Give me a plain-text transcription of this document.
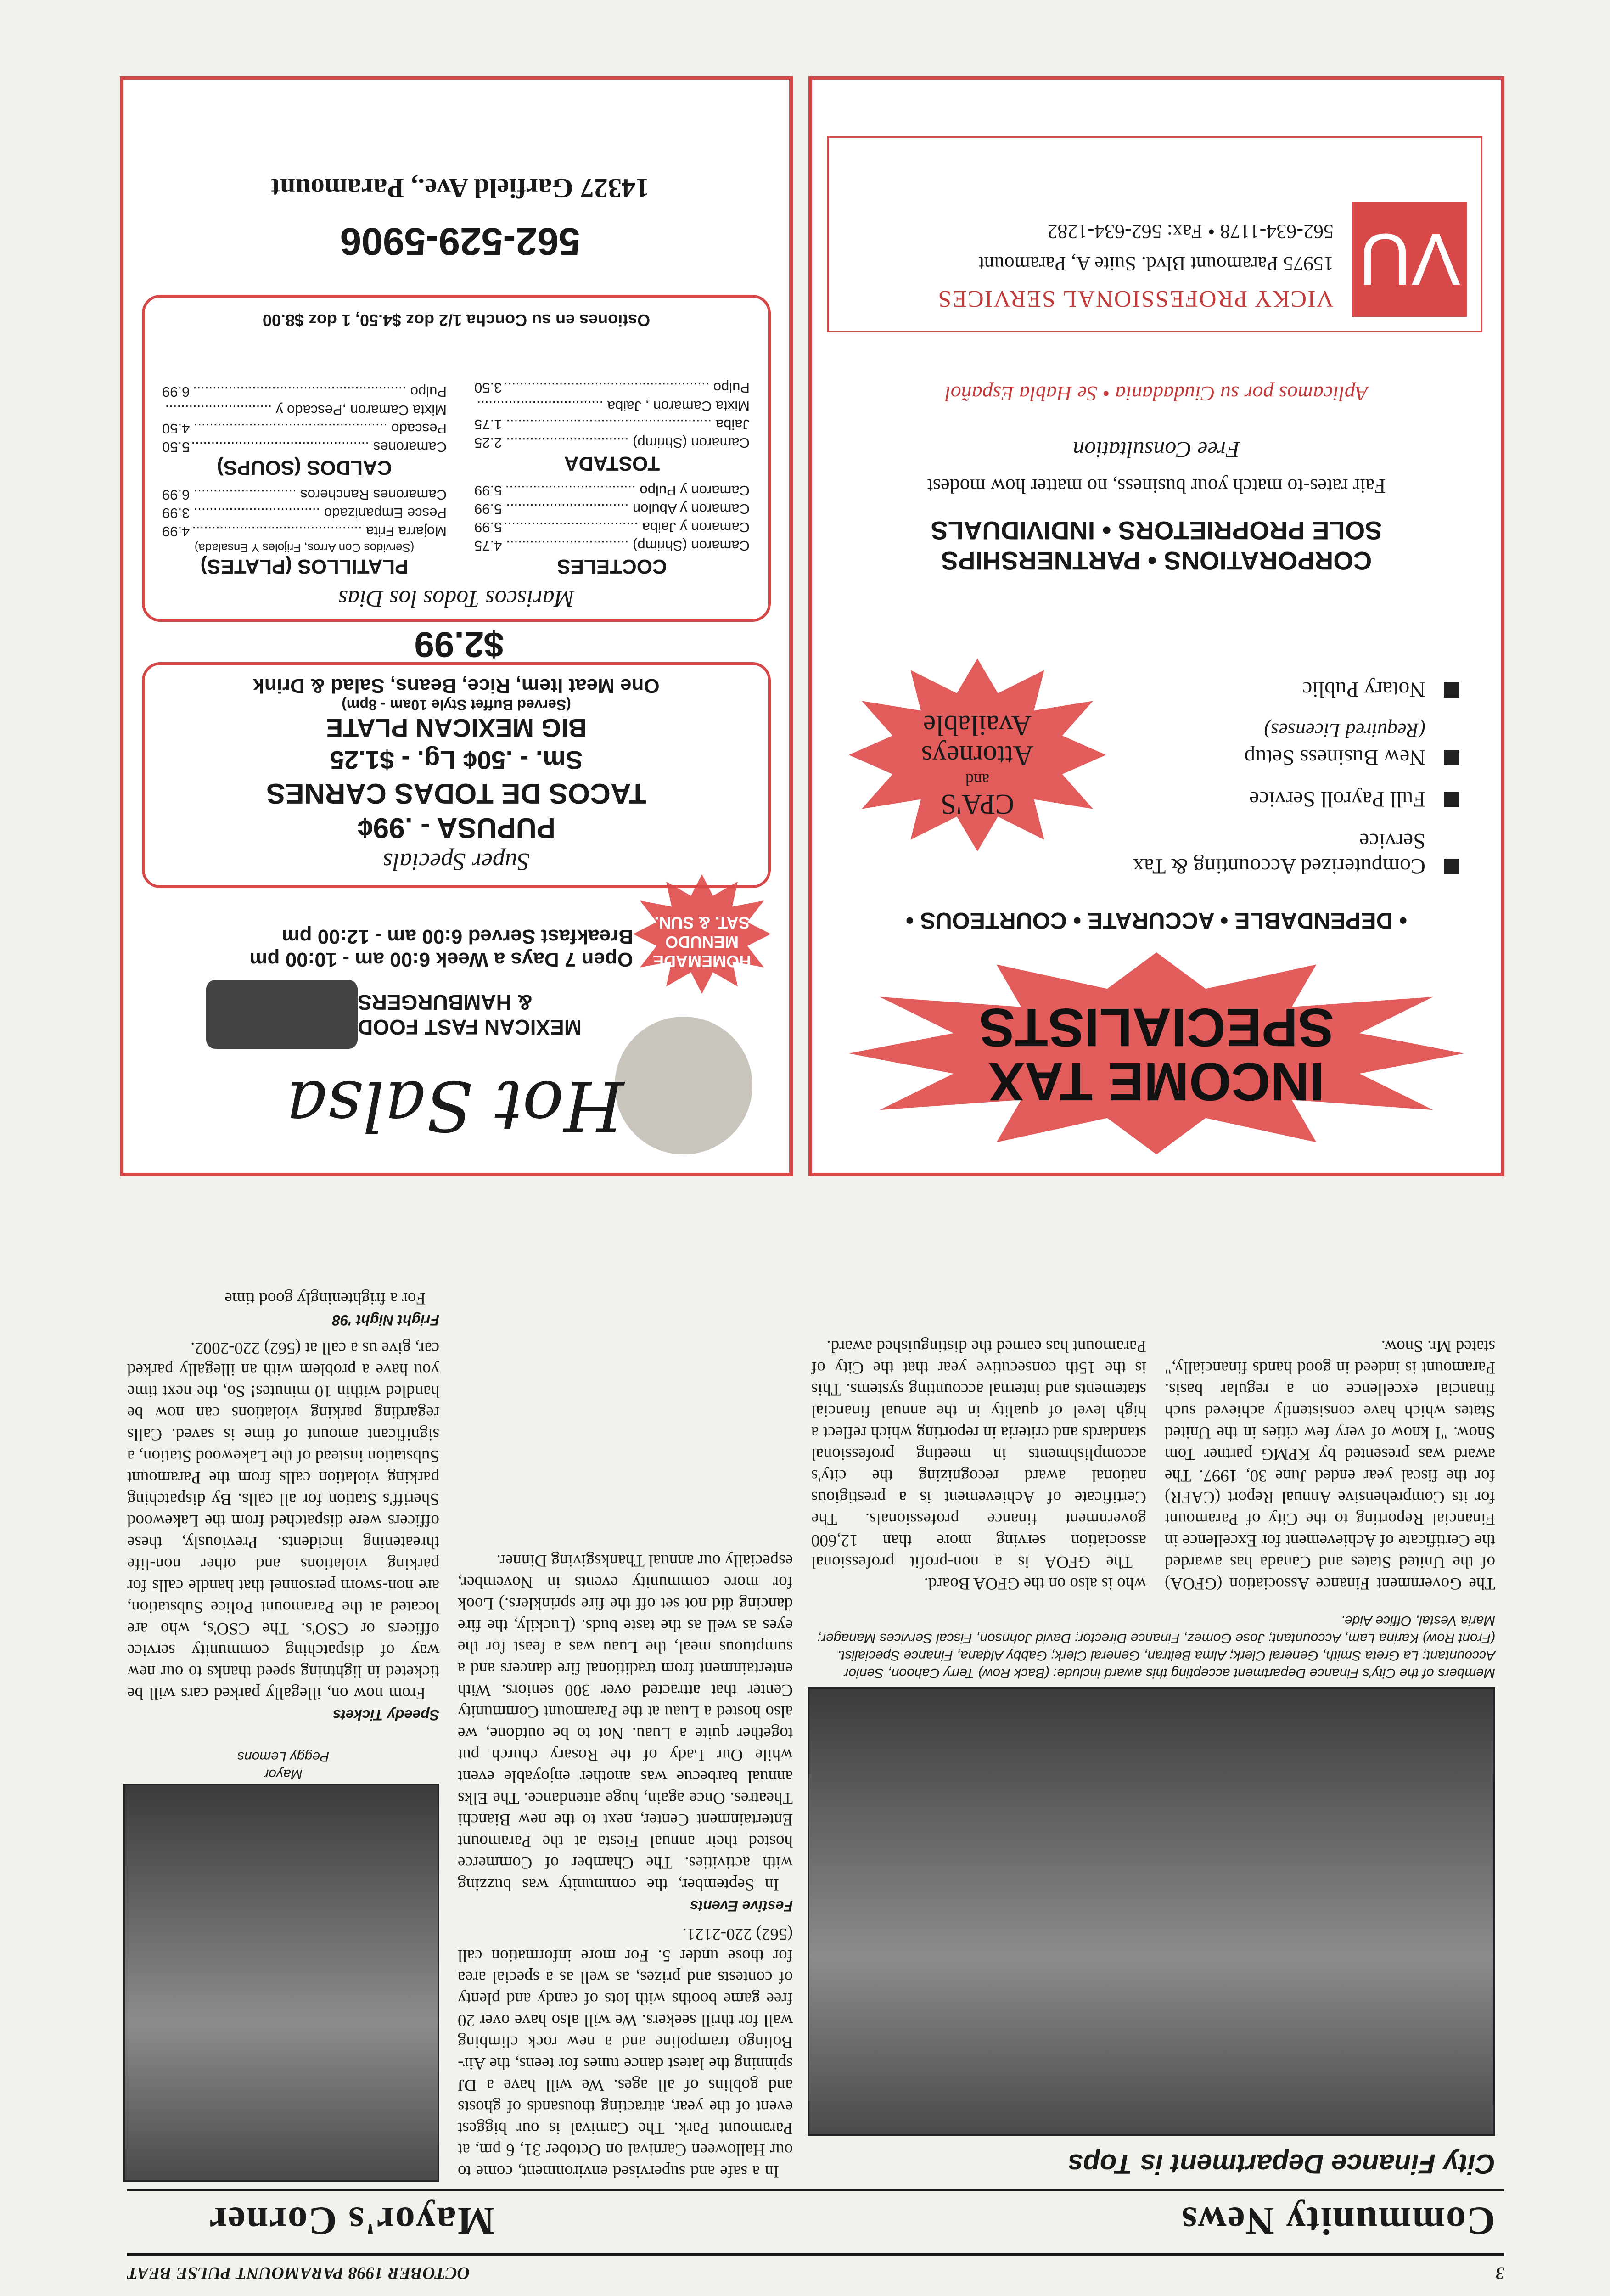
3
OCTOBER 1998 PARAMOUNT PULSE BEAT
Community News
Mayor's Corner
City Finance Department is Tops
Members of the City's Finance Department accepting this award include: (Back Row) Terry Cahoon, Senior Accountant; La Greta Smith, General Clerk; Alma Beltran, General Clerk; Gabby Aldana, Finance Specialist. (Front Row) Karina Lam, Accountant; Jose Gomez, Finance Director; David Johnson, Fiscal Services Manager; Maria Vestal, Office Aide.
The Government Finance Association (GFOA) of the United States and Canada has awarded the Certificate of Achievement for Excellence in Financial Reporting to the City of Paramount for its Comprehensive Annual Report (CAFR) for the fiscal year ended June 30, 1997. The award was presented by KPMG partner Tom Snow. "I know of very few cities in the United States which have consistently achieved such financial excellence on a regular basis. Paramount is indeed in good hands financially," stated Mr. Snow.
who is also on the GFOA Board.
The GFOA is a non-profit professional association serving more than 12,600 government finance professionals. The Certificate of Achievement is a prestigious national award recognizing the city's accomplishments in meeting professional standards and criteria in reporting which reflect a high level of quality in the annual financial statements and internal accounting systems. This is the 15th consecutive year that the City of Paramount has earned the distinguished award.
Mayor
Peggy Lemons
In a safe and supervised environment, come to our Halloween Carnival on October 31, 6 pm, at Paramount Park. The Carnival is our biggest event of the year, attracting thousands of ghosts and goblins of all ages. We will have a DJ spinning the latest dance tunes for teens, the Air-Bolingo trampoline and a new rock climbing wall for thrill seekers. We will also have over 20 free game booths with lots of candy and plenty of contests and prizes, as well as a special area for those under 5. For more information call (562) 220-2121.
Festive Events
In September, the community was buzzing with activities. The Chamber of Commerce hosted their annual Fiesta at the Paramount Entertainment Center, next to the new Bianchi Theatres. Once again, huge attendance. The Elks annual barbecue was another enjoyable event while Our Lady of the Rosary church put together quite a Luau. Not to be outdone, we also hosted a Luau at the Paramount Community Center that attracted over 300 seniors. With entertainment from traditional fire dancers and a sumptuous meal, the Luau was a feast for the eyes as well as the taste buds. (Luckily, the fire dancing did not set off the fire sprinklers.) Look for more community events in November, especially our annual Thanksgiving Dinner.
Speedy Tickets
From now on, illegally parked cars will be ticketed in lightning speed thanks to our new way of dispatching community service officers or CSO's. The CSO's, who are located at the Paramount Police Substation, are non-sworn personnel that handle calls for parking violations and other non-life threatening incidents. Previously, these officers were dispatched from the Lakewood Sheriff's Station for all calls. By dispatching parking violation calls from the Paramount Substation instead of the Lakewood Station, a significant amount of time is saved. Calls regarding parking violations can now be handled within 10 minutes! So, the next time you have a problem with an illegally parked car, give us a call at (562) 220-2002.
Fright Night '98
For a frighteningly good time
INCOME TAX
SPECIALISTS
• DEPENDABLE • ACCURATE • COURTEOUS •
Computerized Accounting & Tax Service
Full Payroll Service
New Business Setup
(Required Licenses)
Notary Public
CPA'S
and
Attorneys
Available
CORPORATIONS • PARTNERSHIPS
SOLE PROPRIETORS • INDIVIDUALS
Fair rates-to match your business, no matter how modest
Free Consultation
Aplicamos por su Ciudadania • Se Habla Español
VU
VICKY PROFESSIONAL SERVICES
15975 Paramount Blvd. Suite A, Paramount
562-634-1178 • Fax: 562-634-1282
Hot Salsa
MEXICAN FAST FOOD
& HAMBURGERS
Open 7 Days a Week 6:00 am - 10:00 pm
Breakfast Served 6:00 am - 12:00 pm
HOMEMADE
MENUDO
SAT. & SUN.
Super Specials
PUPUSA - .99¢
TACOS DE TODAS CARNES
Sm. - .50¢ Lg. - $1.25
BIG MEXICAN PLATE
(Served Buffet Style 10am - 8pm)
One Meat Item, Rice, Beans, Salad & Drink
$2.99
Mariscos Todos los Dias
COCTELES
Camaron (Shrimp) .....
4.75
Camaron y Jaiba .....
5.99
Camaron y Abulon .....
5.99
Camaron y Pulpo .....
5.99
TOSTADA
Camaron (Shrimp) .....
2.25
Jaiba .....
1.75
Mixta Camaron , Jaiba .....
Pulpo .....
3.50
PLATILLOS (PLATES)
(Servidos Con Arros, Frijoles Y Ensalada)
Mojarra Frita .....
4.99
Pesce Empanizado .....
3.99
Camarones Rancheros .....
6.99
CALDOS (SOUPS)
Camarones .....
5.50
Pescado .....
4.50
Mixta Camaron ,Pescado y .....
Pulpo .....
6.99
Ostiones en su Concha 1/2 doz $4.50, 1 doz $8.00
562-529-5906
14327 Garfield Ave., Paramount
